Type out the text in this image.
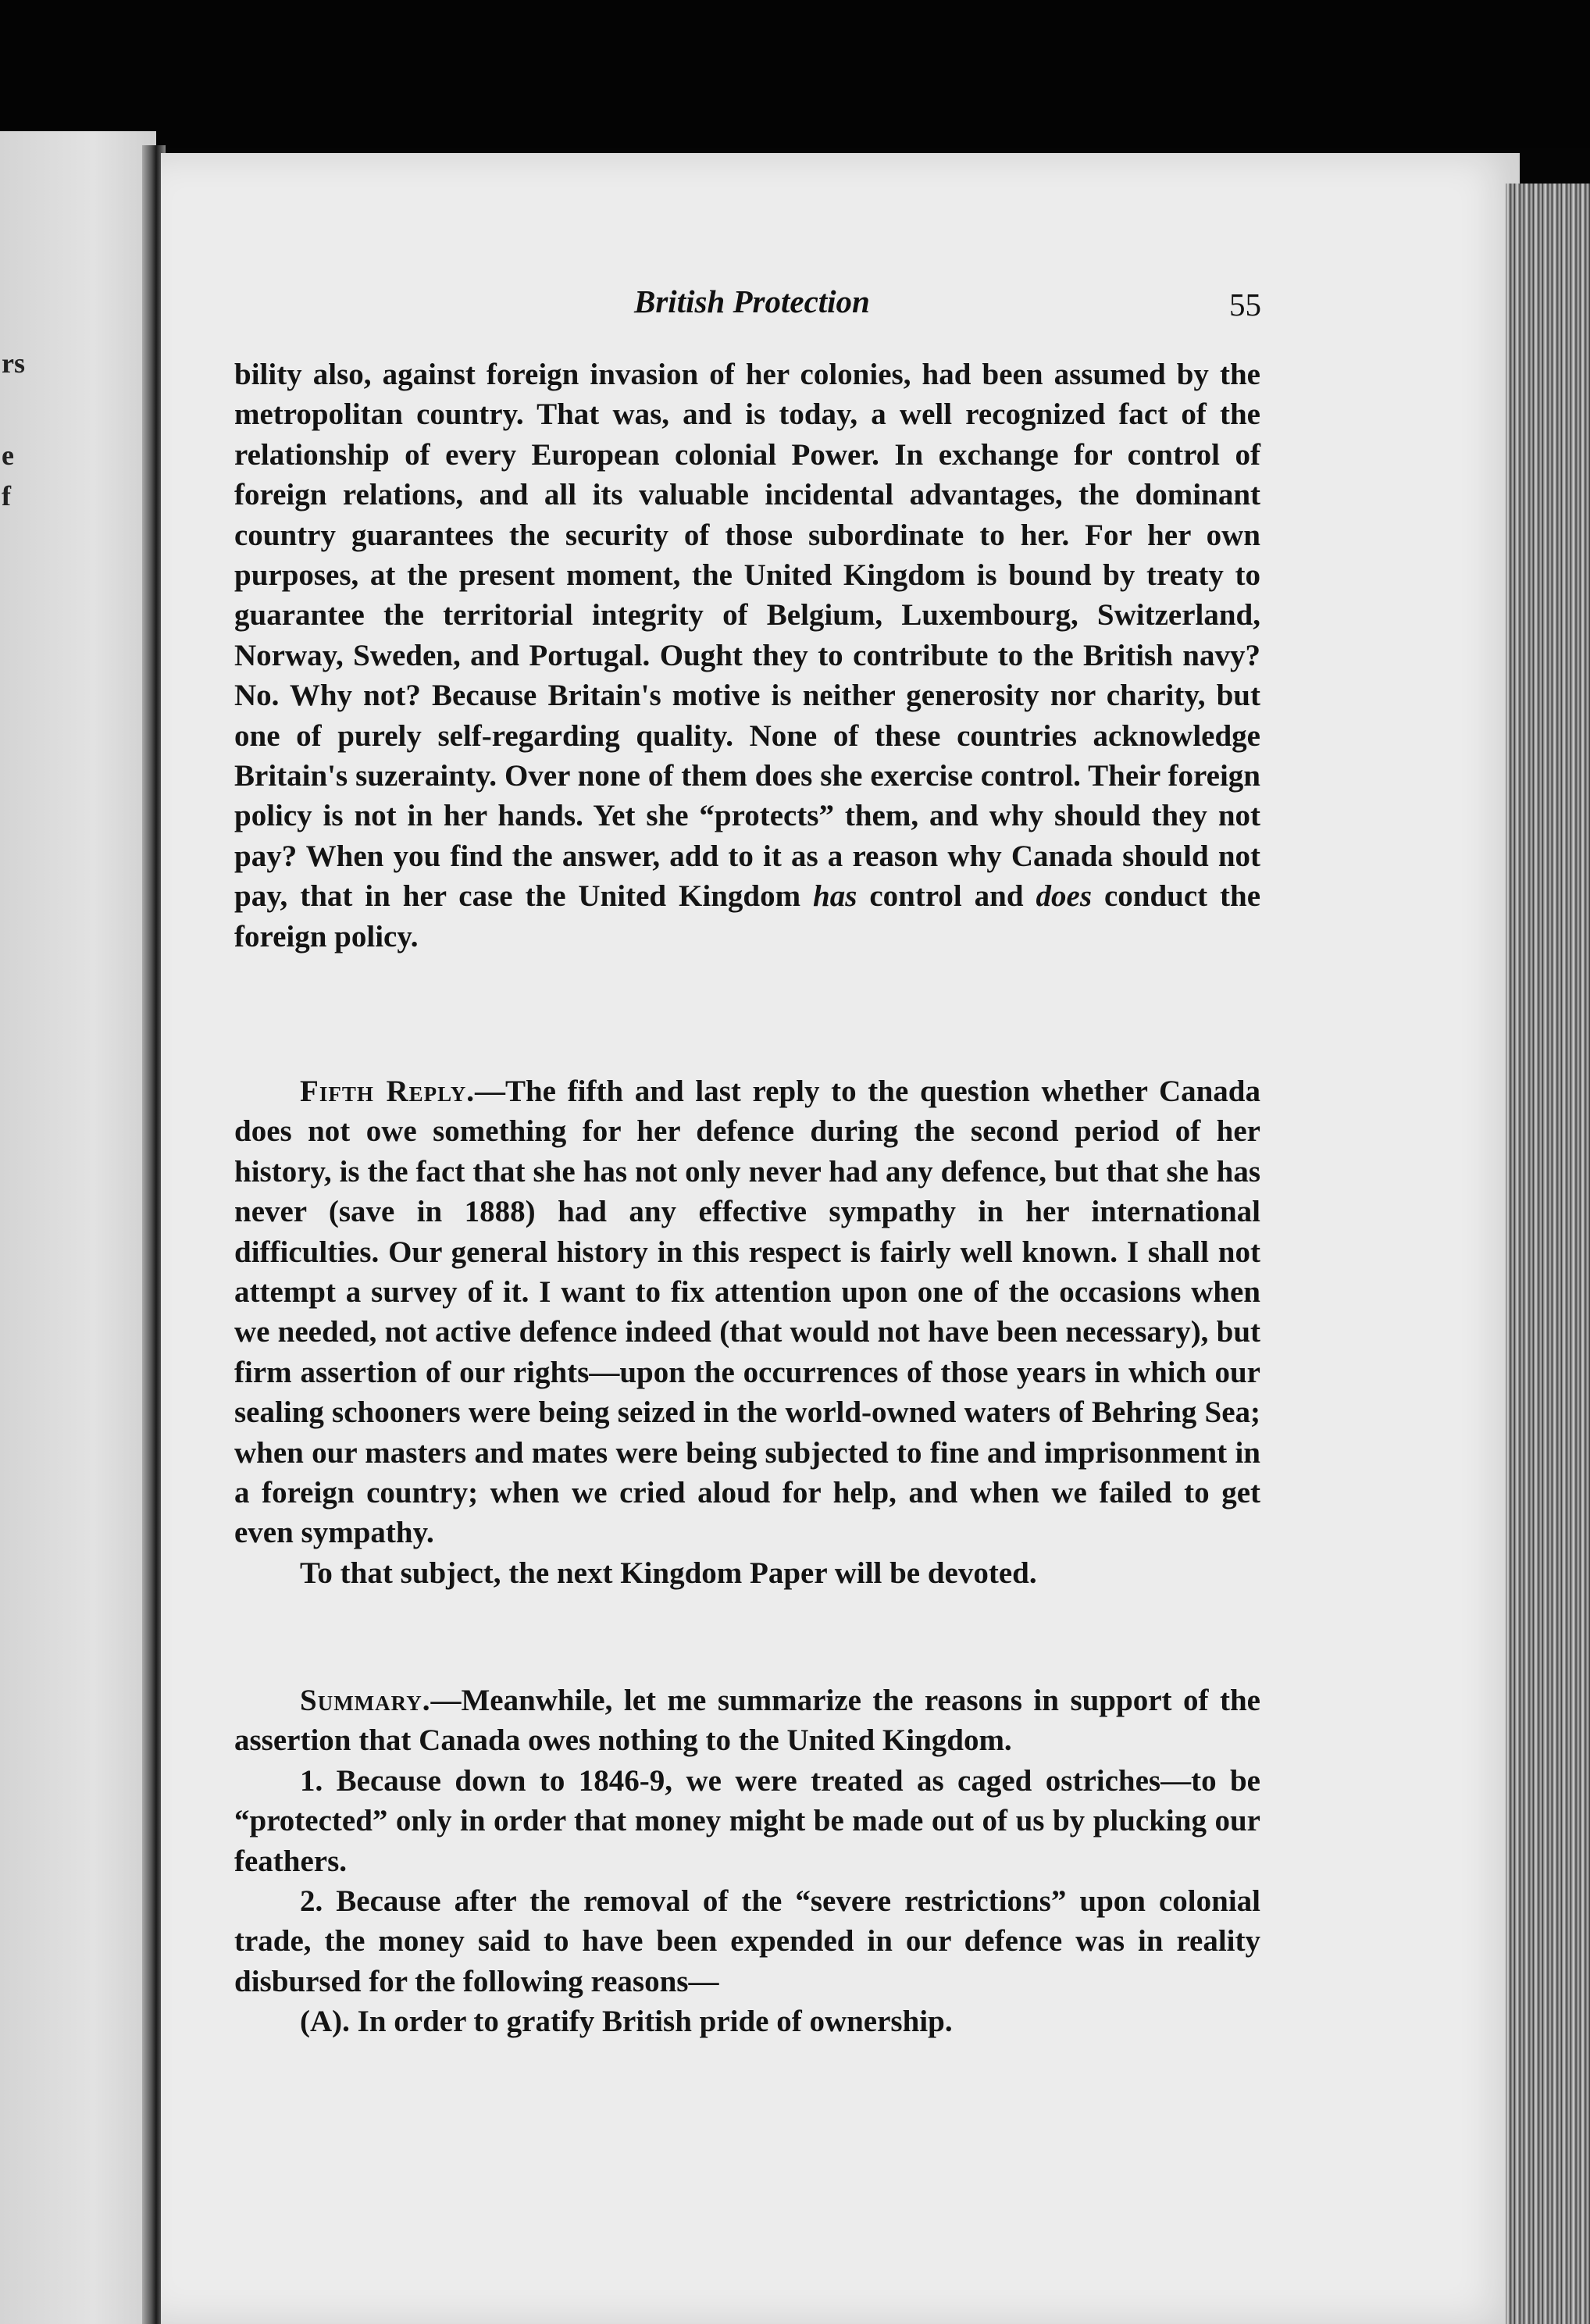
rs
e
f
British Protection	55

bility also, against foreign invasion of her colonies, had been assumed by the metropolitan country. That was, and is today, a well recognized fact of the relationship of every European colonial Power. In exchange for control of foreign relations, and all its valuable incidental advantages, the dominant country guarantees the security of those subordinate to her. For her own purposes, at the present moment, the United Kingdom is bound by treaty to guarantee the territorial integrity of Belgium, Luxembourg, Switzerland, Norway, Sweden, and Portugal. Ought they to contribute to the British navy? No. Why not? Because Britain's motive is neither generosity nor charity, but one of purely self-regarding quality. None of these countries acknowledge Britain's suzerainty. Over none of them does she exercise control. Their foreign policy is not in her hands. Yet she “protects” them, and why should they not pay? When you find the answer, add to it as a reason why Canada should not pay, that in her case the United Kingdom has control and does conduct the foreign policy.

Fifth Reply.—The fifth and last reply to the question whether Canada does not owe something for her defence during the second period of her history, is the fact that she has not only never had any defence, but that she has never (save in 1888) had any effective sympathy in her international difficulties. Our general history in this respect is fairly well known. I shall not attempt a survey of it. I want to fix attention upon one of the occasions when we needed, not active defence indeed (that would not have been necessary), but firm assertion of our rights—upon the occurrences of those years in which our sealing schooners were being seized in the world-owned waters of Behring Sea; when our masters and mates were being subjected to fine and imprisonment in a foreign country; when we cried aloud for help, and when we failed to get even sympathy.

To that subject, the next Kingdom Paper will be devoted.

Summary.—Meanwhile, let me summarize the reasons in support of the assertion that Canada owes nothing to the United Kingdom.

1. Because down to 1846-9, we were treated as caged ostriches—to be “protected” only in order that money might be made out of us by plucking our feathers.

2. Because after the removal of the “severe restrictions” upon colonial trade, the money said to have been expended in our defence was in reality disbursed for the following reasons—

(A). In order to gratify British pride of ownership.
